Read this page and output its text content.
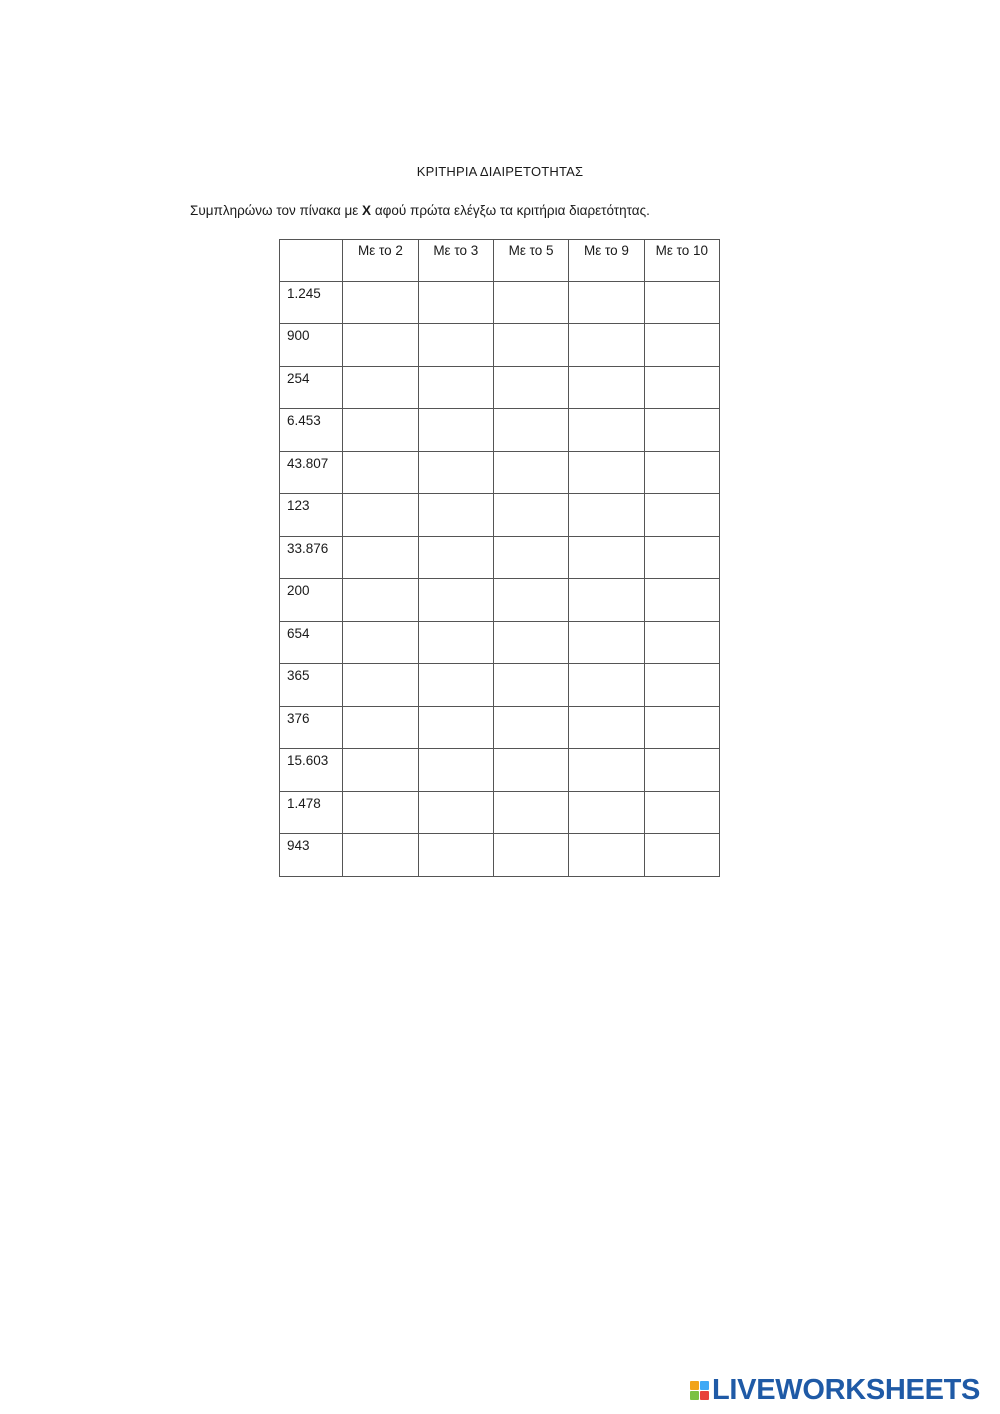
ΚΡΙΤΗΡΙΑ ΔΙΑΙΡΕΤΟΤΗΤΑΣ
Συμπληρώνω τον πίνακα με Χ αφού πρώτα ελέγξω τα κριτήρια διαρετότητας.
	Με το 2	Με το 3	Με το 5	Με το 9	Με το 10
1.245					
900					
254					
6.453					
43.807					
123					
33.876					
200					
654					
365					
376					
15.603					
1.478					
943					
LIVEWORKSHEETS
